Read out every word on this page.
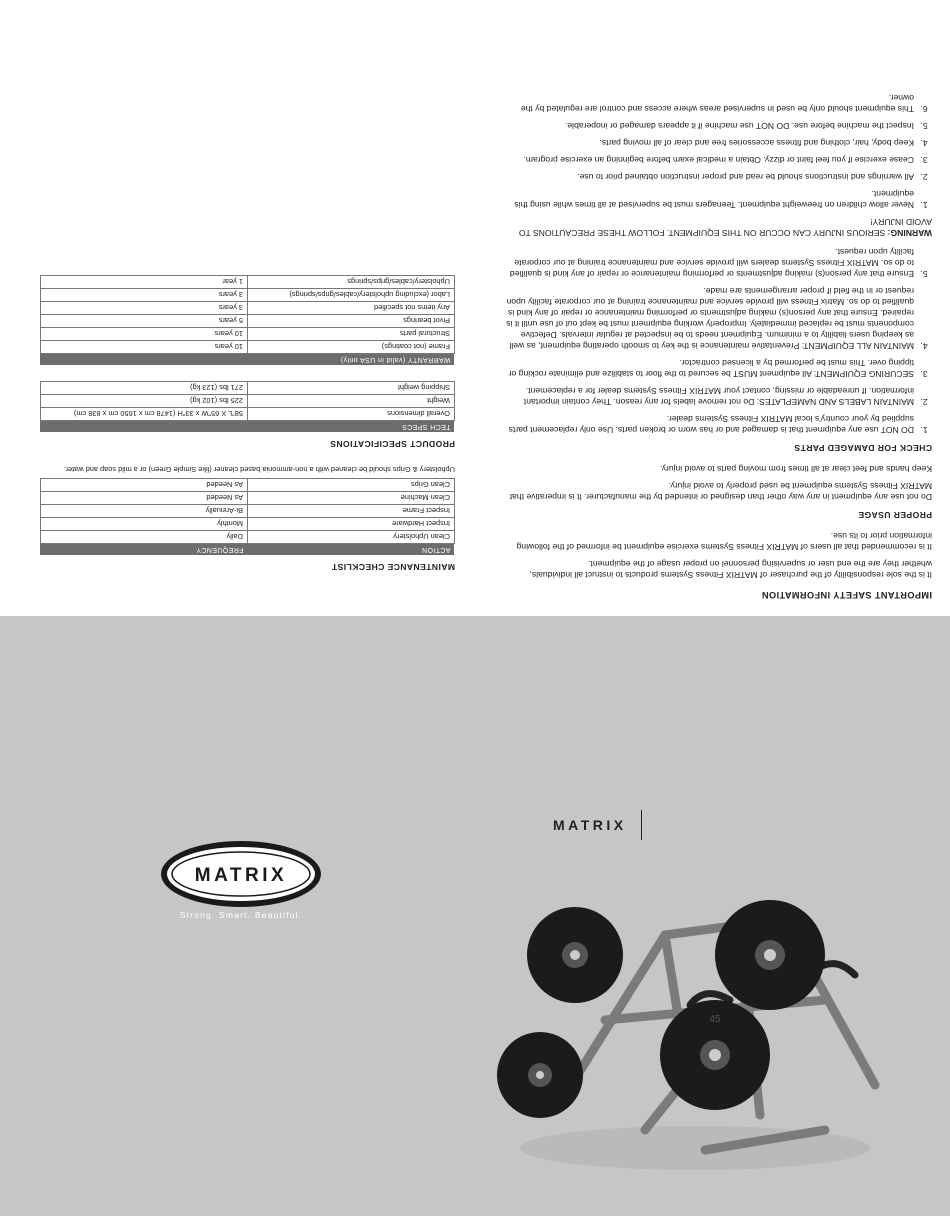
IMPORTANT SAFETY INFORMATION

It is the sole responsibility of the purchaser of MATRIX Fitness Systems products to instruct all individuals, whether they are the end user or supervising personnel on proper usage of the equipment.

It is recommended that all users of MATRIX Fitness Systems exercise equipment be informed of the following information prior to its use.

PROPER USAGE

Do not use any equipment in any way other than designed or intended by the manufacturer. It is imperative that MATRIX Fitness Systems equipment be used properly to avoid injury.

Keep hands and feet clear at all times from moving parts to avoid injury.

CHECK FOR DAMAGED PARTS
1. DO NOT use any equipment that is damaged and or has worn or broken parts. Use only replacement parts supplied by your country's local MATRIX Fitness Systems dealer.
2. MAINTAIN LABELS AND NAMEPLATES: Do not remove labels for any reason. They contain important information. If unreadable or missing, contact your MATRIX Fitness Systems dealer for a replacement.
3. SECURING EQUIPMENT: All equipment MUST be secured to the floor to stabilize and eliminate rocking or tipping over. This must be performed by a licensed contractor.
4. MAINTAIN ALL EQUIPMENT: Preventative maintenance is the key to smooth operating equipment, as well as keeping users liability to a minimum. Equipment needs to be inspected at regular intervals. Defective components must be replaced immediately. Improperly working equipment must be kept out of use until it is repaired. Ensure that any person(s) making adjustments or performing maintenance or repair of any kind is qualified to do so. Matrix Fitness will provide service and maintenance training at our corporate facility upon request or in the field if proper arrangements are made.
5. Ensure that any person(s) making adjustments or performing maintenance or repair of any kind is qualified to do so. MATRIX Fitness Systems dealers will provide service and maintenance training at our corporate facility upon request.

WARNING: SERIOUS INJURY CAN OCCUR ON THIS EQUIPMENT. FOLLOW THESE PRECAUTIONS TO AVOID INJURY!

1. Never allow children on freeweight equipment. Teenagers must be supervised at all times while using this equipment.
2. All warnings and instructions should be read and proper instruction obtained prior to use.
3. Cease exercise if you feel faint or dizzy. Obtain a medical exam before beginning an exercise program.
4. Keep body, hair, clothing and fitness accessories free and clear of all moving parts.
5. Inspect the machine before use. DO NOT use machine if it appears damaged or inoperable.
6. This equipment should only be used in supervised areas where access and control are regulated by the owner.
MAINTENANCE CHECKLIST
ACTION	FREQUENCY
Clean Upholstery	Daily
Inspect Hardware	Monthly
Inspect Frame	Bi-Annually
Clean Machine	As Needed
Clean Grips	As Needed

Upholstery & Grips should be cleaned with a non-ammonia based cleaner (like Simple Green) or a mild soap and water.

PRODUCT SPECIFICATIONS
TECH SPECS	
Overall dimensions	58"L X 65"W x 33"H (1478 cm x 1650 cm x 838 cm)
Weight	225 lbs (102 kg)
Shipping weight	271 lbs (123 kg)
WARRANTY (valid in USA only)	
Frame (not coatings)	10 years
Structural parts	10 years
Pivot bearings	5 years
Any items not specified	3 years
Labor (excluding upholstery/cables/grips/springs)	3 years
Upholstery/cables/grips/springs	1 year
MATRIX
Strong. Smart. Beautiful.
MATRIX
45
